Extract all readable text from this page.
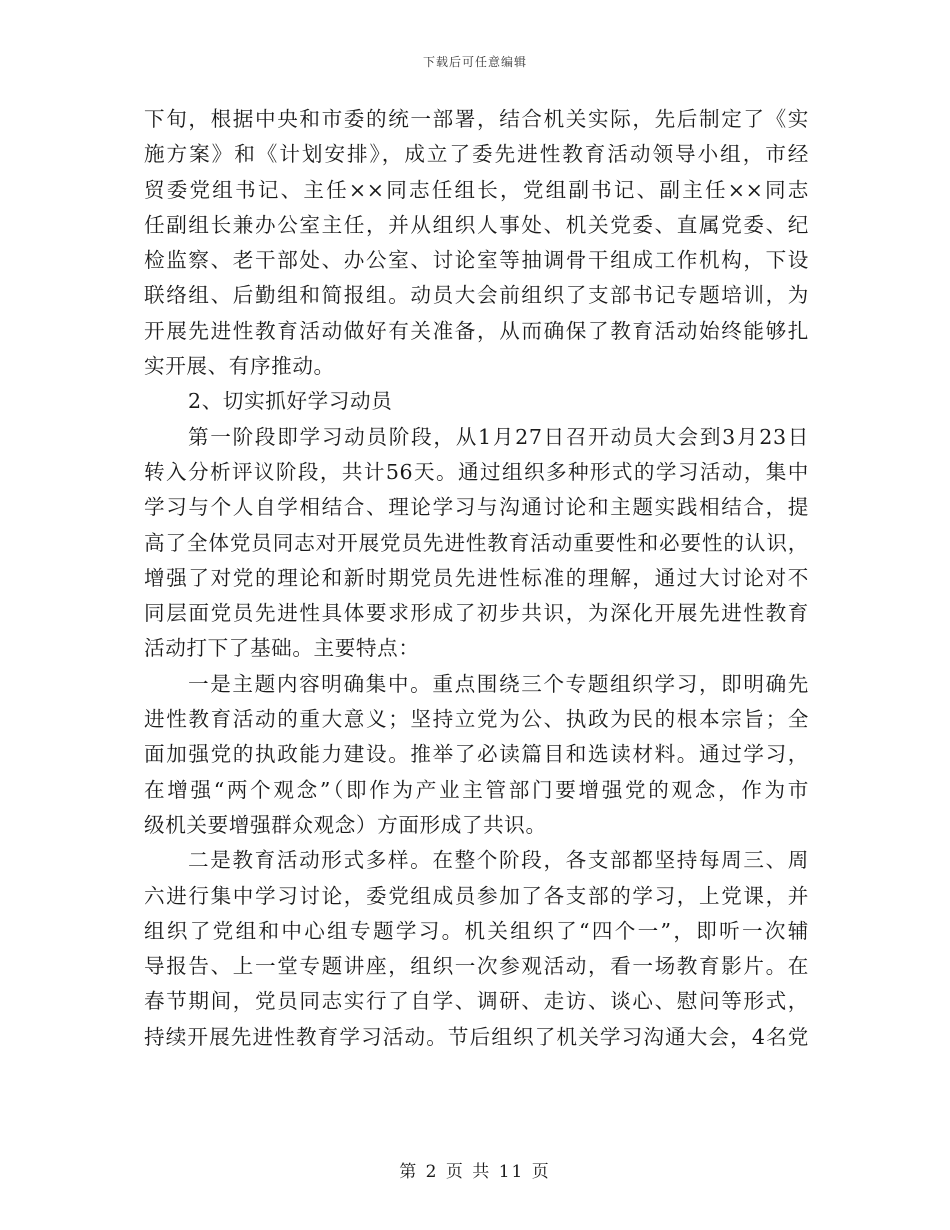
下载后可任意编辑
下旬，根据中央和市委的统一部署，结合机关实际，先后制定了《实
施方案》和《计划安排》，成立了委先进性教育活动领导小组，市经
贸委党组书记、主任××同志任组长，党组副书记、副主任××同志
任副组长兼办公室主任，并从组织人事处、机关党委、直属党委、纪
检监察、老干部处、办公室、讨论室等抽调骨干组成工作机构，下设
联络组、后勤组和简报组。动员大会前组织了支部书记专题培训，为
开展先进性教育活动做好有关准备，从而确保了教育活动始终能够扎
实开展、有序推动。
2、切实抓好学习动员
第一阶段即学习动员阶段，从1月27日召开动员大会到3月23日
转入分析评议阶段，共计56天。通过组织多种形式的学习活动，集中
学习与个人自学相结合、理论学习与沟通讨论和主题实践相结合，提
高了全体党员同志对开展党员先进性教育活动重要性和必要性的认识，
增强了对党的理论和新时期党员先进性标准的理解，通过大讨论对不
同层面党员先进性具体要求形成了初步共识，为深化开展先进性教育
活动打下了基础。主要特点：
一是主题内容明确集中。重点围绕三个专题组织学习，即明确先
进性教育活动的重大意义；坚持立党为公、执政为民的根本宗旨；全
面加强党的执政能力建设。推举了必读篇目和选读材料。通过学习，
在增强“两个观念”（即作为产业主管部门要增强党的观念，作为市
级机关要增强群众观念）方面形成了共识。
二是教育活动形式多样。在整个阶段，各支部都坚持每周三、周
六进行集中学习讨论，委党组成员参加了各支部的学习，上党课，并
组织了党组和中心组专题学习。机关组织了“四个一”，即听一次辅
导报告、上一堂专题讲座，组织一次参观活动，看一场教育影片。在
春节期间，党员同志实行了自学、调研、走访、谈心、慰问等形式，
持续开展先进性教育学习活动。节后组织了机关学习沟通大会，4名党
第 2 页 共 11 页
